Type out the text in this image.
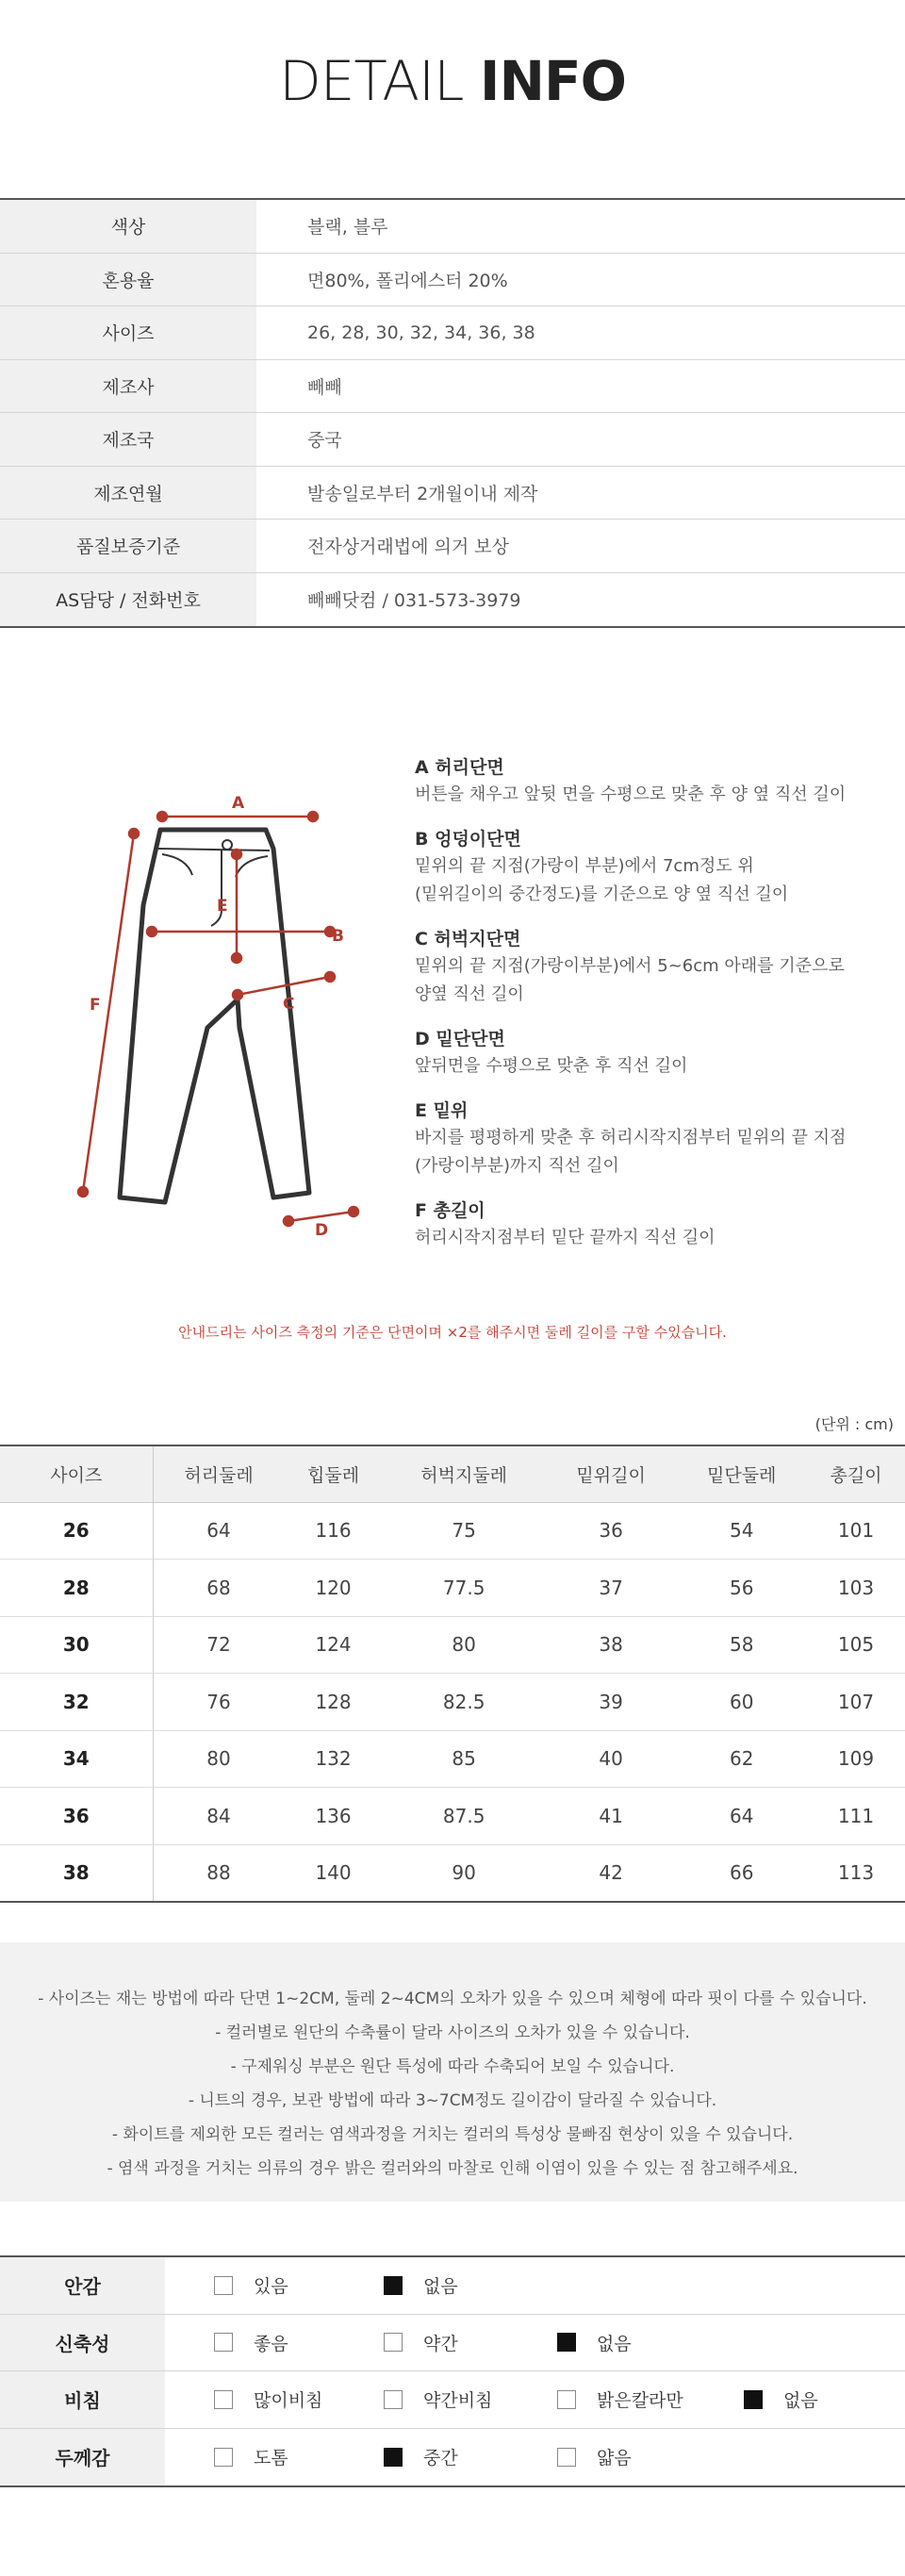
DETAIL INFO
색상	블랙, 블루
혼용율	면80%, 폴리에스터 20%
사이즈	26, 28, 30, 32, 34, 36, 38
제조사	빼빼
제조국	중국
제조연월	발송일로부터 2개월이내 제작
품질보증기준	전자상거래법에 의거 보상
AS담당 / 전화번호	빼빼닷컴 / 031-573-3979
A
B
C
D
E
F
A 허리단면
버튼을 채우고 앞뒷 면을 수평으로 맞춘 후 양 옆 직선 길이
B 엉덩이단면
밑위의 끝 지점(가랑이 부분)에서 7cm정도 위
(밑위길이의 중간정도)를 기준으로 양 옆 직선 길이
C 허벅지단면
밑위의 끝 지점(가랑이부분)에서 5~6cm 아래를 기준으로
양옆 직선 길이
D 밑단단면
앞뒤면을 수평으로 맞춘 후 직선 길이
E 밑위
바지를 평평하게 맞춘 후 허리시작지점부터 밑위의 끝 지점
(가랑이부분)까지 직선 길이
F 총길이
허리시작지점부터 밑단 끝까지 직선 길이
안내드리는 사이즈 측정의 기준은 단면이며 ×2를 해주시면 둘레 길이를 구할 수있습니다.
(단위 : cm)
사이즈	허리둘레	힙둘레	허벅지둘레	밑위길이	밑단둘레	총길이
26	64	116	75	36	54	101
28	68	120	77.5	37	56	103
30	72	124	80	38	58	105
32	76	128	82.5	39	60	107
34	80	132	85	40	62	109
36	84	136	87.5	41	64	111
38	88	140	90	42	66	113

- 사이즈는 재는 방법에 따라 단면 1~2CM, 둘레 2~4CM의 오차가 있을 수 있으며 체형에 따라 핏이 다를 수 있습니다.

- 컬러별로 원단의 수축률이 달라 사이즈의 오차가 있을 수 있습니다.

- 구제워싱 부분은 원단 특성에 따라 수축되어 보일 수 있습니다.

- 니트의 경우, 보관 방법에 따라 3~7CM정도 길이감이 달라질 수 있습니다.

- 화이트를 제외한 모든 컬러는 염색과정을 거치는 컬러의 특성상 물빠짐 현상이 있을 수 있습니다.

- 염색 과정을 거치는 의류의 경우 밝은 컬러와의 마찰로 인해 이염이 있을 수 있는 점 참고해주세요.

안감	있음	없음
신축성	좋음	약간	없음
비침	많이비침	약간비침	밝은칼라만	없음
두께감	도톰	중간	얇음
